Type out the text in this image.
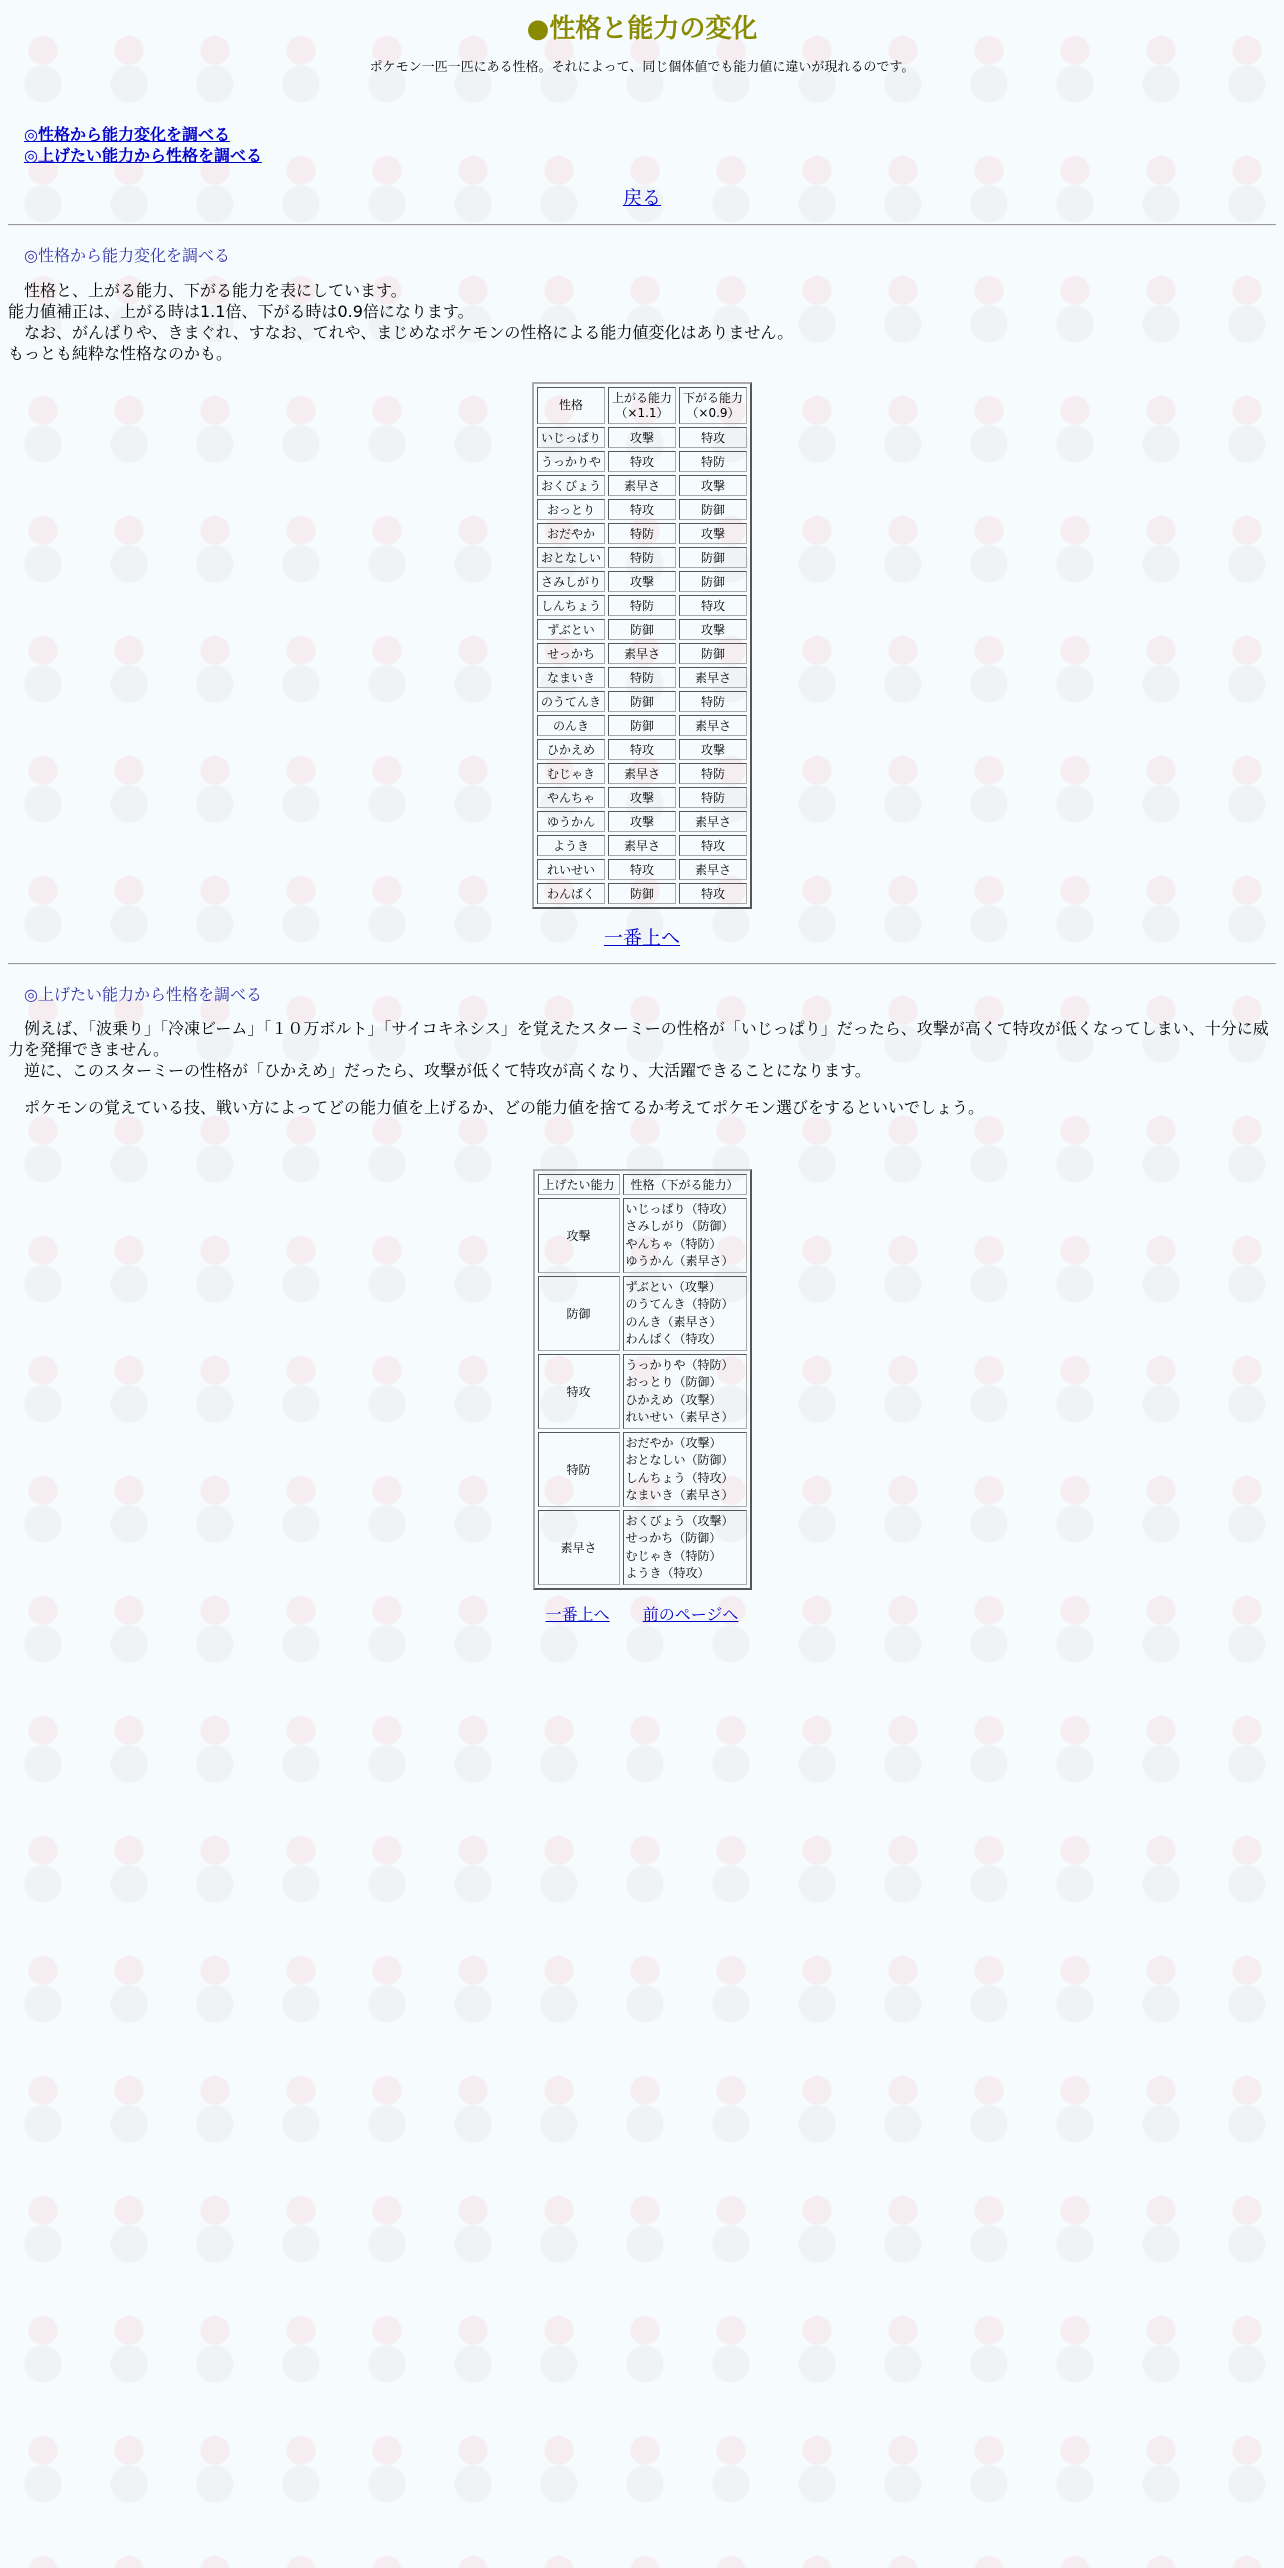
●性格と能力の変化
ポケモン一匹一匹にある性格。それによって、同じ個体値でも能力値に違いが現れるのです。
◎性格から能力変化を調べる
◎上げたい能力から性格を調べる
戻る
◎性格から能力変化を調べる
　性格と、上がる能力、下がる能力を表にしています。
能力値補正は、上がる時は1.1倍、下がる時は0.9倍になります。
　なお、がんばりや、きまぐれ、すなお、てれや、まじめなポケモンの性格による能力値変化はありません。
もっとも純粋な性格なのかも。
性格	上がる能力（×1.1）	下がる能力（×0.9）
いじっぱり	攻撃	特攻
うっかりや	特攻	特防
おくびょう	素早さ	攻撃
おっとり	特攻	防御
おだやか	特防	攻撃
おとなしい	特防	防御
さみしがり	攻撃	防御
しんちょう	特防	特攻
ずぶとい	防御	攻撃
せっかち	素早さ	防御
なまいき	特防	素早さ
のうてんき	防御	特防
のんき	防御	素早さ
ひかえめ	特攻	攻撃
むじゃき	素早さ	特防
やんちゃ	攻撃	特防
ゆうかん	攻撃	素早さ
ようき	素早さ	特攻
れいせい	特攻	素早さ
わんぱく	防御	特攻
一番上へ
◎上げたい能力から性格を調べる
　例えば、「波乗り」「冷凍ビーム」「１０万ボルト」「サイコキネシス」を覚えたスターミーの性格が「いじっぱり」だったら、攻撃が高くて特攻が低くなってしまい、十分に威力を発揮できません。
　逆に、このスターミーの性格が「ひかえめ」だったら、攻撃が低くて特攻が高くなり、大活躍できることになります。
　ポケモンの覚えている技、戦い方によってどの能力値を上げるか、どの能力値を捨てるか考えてポケモン選びをするといいでしょう。
上げたい能力	性格（下がる能力）
攻撃	いじっぱり（特攻）
さみしがり（防御）
やんちゃ（特防）
ゆうかん（素早さ）
防御	ずぶとい（攻撃）
のうてんき（特防）
のんき（素早さ）
わんぱく（特攻）
特攻	うっかりや（特防）
おっとり（防御）
ひかえめ（攻撃）
れいせい（素早さ）
特防	おだやか（攻撃）
おとなしい（防御）
しんちょう（特攻）
なまいき（素早さ）
素早さ	おくびょう（攻撃）
せっかち（防御）
むじゃき（特防）
ようき（特攻）
一番上へ 前のページへ
